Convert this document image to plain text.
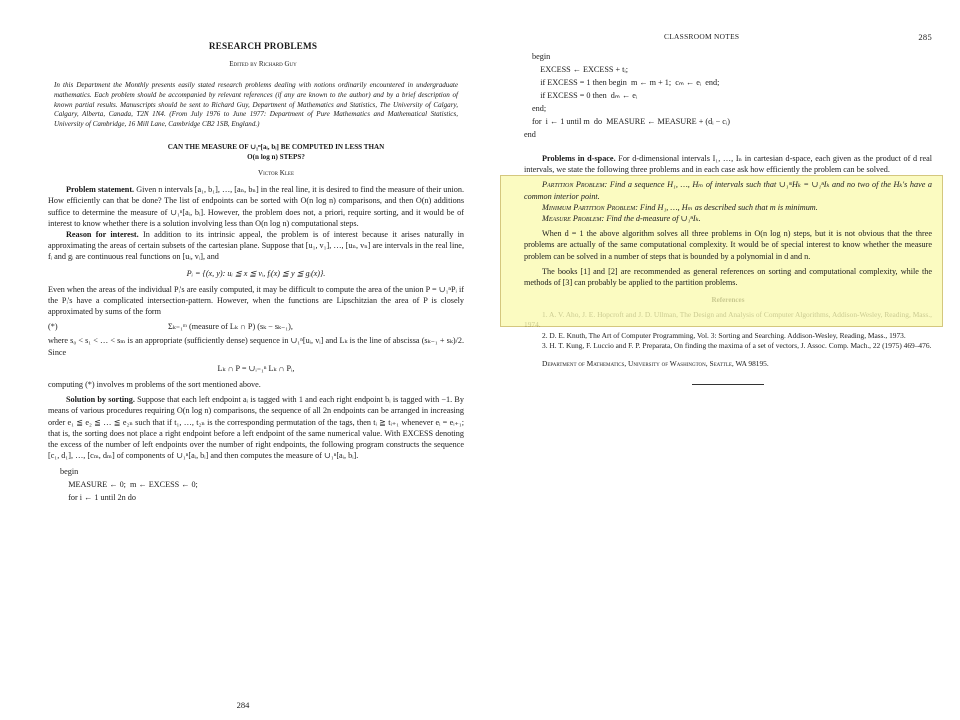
RESEARCH PROBLEMS

Edited by Richard Guy

In this Department the Monthly presents easily stated research problems dealing with notions ordinarily encountered in undergraduate mathematics. Each problem should be accompanied by relevant references (if any are known to the author) and by a brief description of known partial results. Manuscripts should be sent to Richard Guy, Department of Mathematics and Statistics, The University of Calgary, Calgary, Alberta, Canada, T2N 1N4. (From July 1976 to June 1977: Department of Pure Mathematics and Mathematical Statistics, University of Cambridge, 16 Mill Lane, Cambridge CB2 1SB, England.)

CAN THE MEASURE OF ∪₁ⁿ[aᵢ, bᵢ] BE COMPUTED IN LESS THAN

O(n log n) STEPS?

Victor Klee

Problem statement. Given n intervals [a₁, b₁], …, [aₙ, bₙ] in the real line, it is desired to find the measure of their union. How efficiently can that be done? The list of endpoints can be sorted with O(n log n) comparisons, and then O(n) additions suffice to determine the measure of ∪₁ⁿ[aᵢ, bᵢ]. However, the problem does not, a priori, require sorting, and it would be of interest to know whether there is a solution involving less than O(n log n) computational steps.

Reason for interest. In addition to its intrinsic appeal, the problem is of interest because it arises naturally in approximating the areas of certain subsets of the cartesian plane. Suppose that [u₁, v₁], …, [uₙ, vₙ] are intervals in the real line, fᵢ and gᵢ are continuous real functions on [uᵢ, vᵢ], and

Pᵢ = {(x, y): uᵢ ≦ x ≦ vᵢ, fᵢ(x) ≦ y ≦ gᵢ(x)}.

Even when the areas of the individual Pᵢ's are easily computed, it may be difficult to compute the area of the union P = ∪₁ⁿPᵢ if the Pᵢ's have a complicated intersection-pattern. However, when the functions are Lipschitzian the area of P is closely approximated by sums of the form

(*)	Σₖ₌₁ᵐ (measure of Lₖ ∩ P) (sₖ − sₖ₋₁),

where s₀ < s₁ < … < sₘ is an appropriate (sufficiently dense) sequence in ∪₁ⁿ[uᵢ, vᵢ] and Lₖ is the line of abscissa (sₖ₋₁ + sₖ)/2. Since

Lₖ ∩ P = ∪ᵢ₌₁ⁿ Lₖ ∩ Pᵢ,

computing (*) involves m problems of the sort mentioned above.

Solution by sorting. Suppose that each left endpoint aᵢ is tagged with 1 and each right endpoint bᵢ is tagged with −1. By means of various procedures requiring O(n log n) comparisons, the sequence of all 2n endpoints can be arranged in increasing order e₁ ≦ e₂ ≦ … ≦ e₂ₙ such that if t₁, …, t₂ₙ is the corresponding permutation of the tags, then tᵢ ≧ tᵢ₊₁ whenever eᵢ = eᵢ₊₁; that is, the sorting does not place a right endpoint before a left endpoint of the same numerical value. With EXCESS denoting the excess of the number of left endpoints over the number of right endpoints, the following program constructs the sequence [c₁, d₁], …, [cₘ, dₘ] of components of ∪₁ⁿ[aᵢ, bᵢ] and then computes the measure of ∪₁ⁿ[aᵢ, bᵢ].

begin

MEASURE ← 0;  m ← EXCESS ← 0;

for i ← 1 until 2n do

284
CLASSROOM NOTES	285

begin

EXCESS ← EXCESS + tᵢ;

if EXCESS = 1 then begin  m ← m + 1;  cₘ ← eᵢ  end;

if EXCESS = 0 then  dₘ ← eᵢ

end;

for  i ← 1 until m  do  MEASURE ← MEASURE + (dᵢ − cᵢ)

end

Problems in d-space. For d-dimensional intervals I₁, …, Iₙ in cartesian d-space, each given as the product of d real intervals, we state the following three problems and in each case ask how efficiently the problem can be solved.

Partition Problem: Find a sequence H₁, …, Hₘ of intervals such that ∪₁ᵐHₖ = ∪₁ⁿIₖ and no two of the Hₖ's have a common interior point.

Minimum Partition Problem: Find H₁, …, Hₘ as described such that m is minimum.

Measure Problem: Find the d-measure of ∪₁ⁿIₖ.

When d = 1 the above algorithm solves all three problems in O(n log n) steps, but it is not obvious that the three problems are actually of the same computational complexity. It would be of special interest to know whether the measure problem can be solved in a number of steps that is bounded by a polynomial in d and n.

The books [1] and [2] are recommended as general references on sorting and computational complexity, while the methods of [3] can probably be applied to the partition problems.

2. D. E. Knuth, The Art of Computer Programming, Vol. 3: Sorting and Searching. Addison-Wesley, Reading, Mass., 1973.

3. H. T. Kung, F. Luccio and F. P. Preparata, On finding the maxima of a set of vectors, J. Assoc. Comp. Mach., 22 (1975) 469–476.

Department of Mathematics, University of Washington, Seattle, WA 98195.
